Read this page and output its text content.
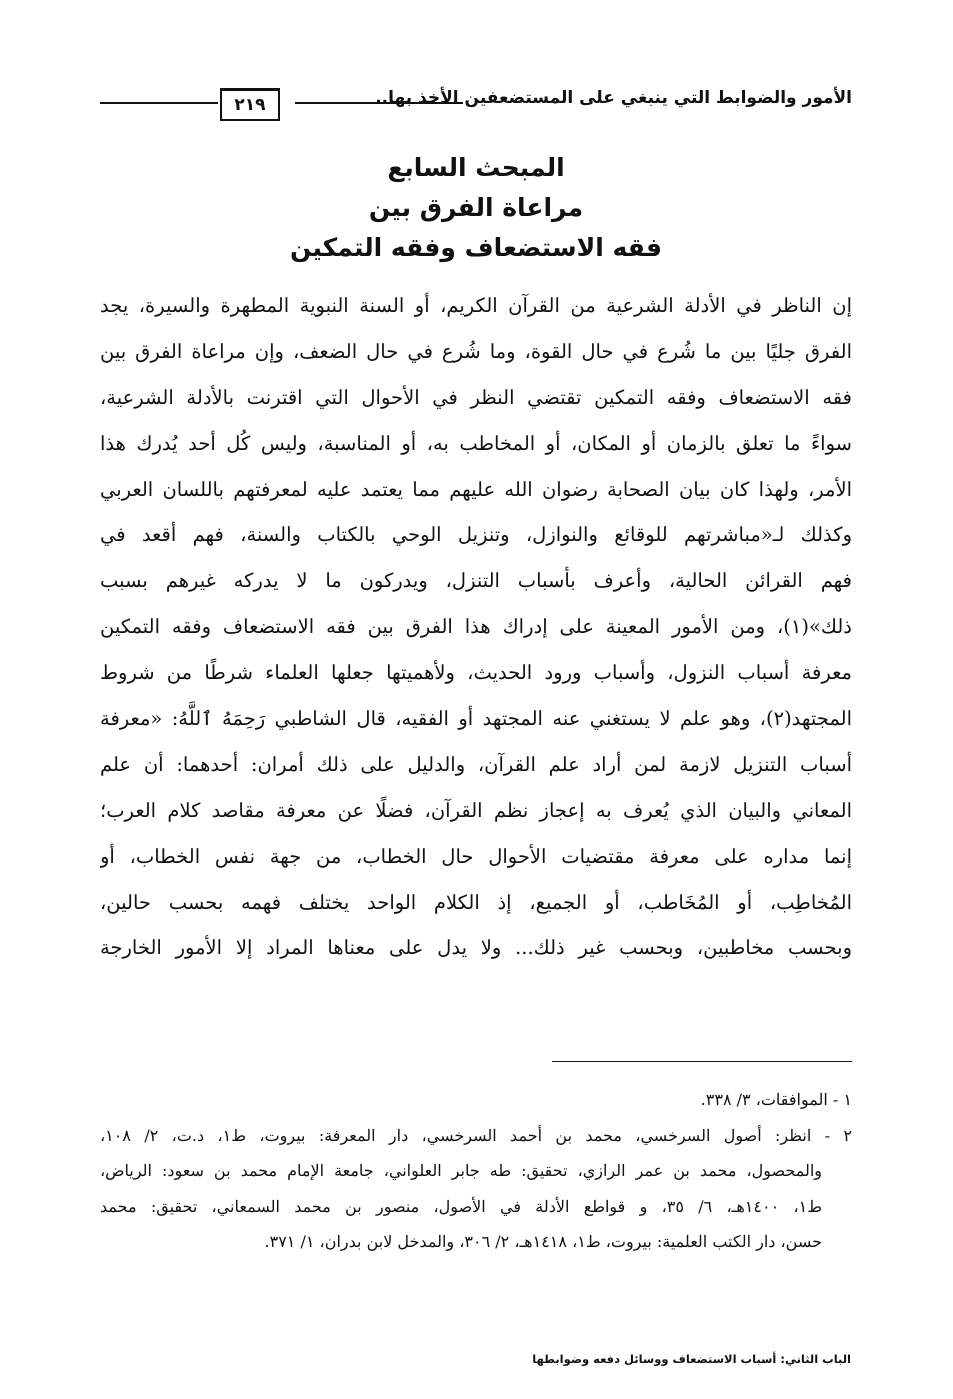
الأمور والضوابط التي ينبغي على المستضعفين الأخذ بها..
٢١٩

المبحث السابع

مراعاة الفرق بين

فقه الاستضعاف وفقه التمكين

إن الناظر في الأدلة الشرعية من القرآن الكريم، أو السنة النبوية المطهرة والسيرة، يجد
الفرق جليًا بين ما شُرع في حال القوة، وما شُرع في حال الضعف، وإن مراعاة الفرق بين
فقه الاستضعاف وفقه التمكين تقتضي النظر في الأحوال التي اقترنت بالأدلة الشرعية،
سواءً ما تعلق بالزمان أو المكان، أو المخاطب به، أو المناسبة، وليس كُل أحد يُدرك هذا
الأمر، ولهذا كان بيان الصحابة رضوان الله عليهم مما يعتمد عليه لمعرفتهم باللسان العربي
وكذلك لـ«مباشرتهم للوقائع والنوازل، وتنزيل الوحي بالكتاب والسنة، فهم أقعد في
فهم القرائن الحالية، وأعرف بأسباب التنزل، ويدركون ما لا يدركه غيرهم بسبب
ذلك»(١)، ومن الأمور المعينة على إدراك هذا الفرق بين فقه الاستضعاف وفقه التمكين
معرفة أسباب النزول، وأسباب ورود الحديث، ولأهميتها جعلها العلماء شرطًا من شروط
المجتهد(٢)، وهو علم لا يستغني عنه المجتهد أو الفقيه، قال الشاطبي رَحِمَهُ ٱللَّهُ: «معرفة
أسباب التنزيل لازمة لمن أراد علم القرآن، والدليل على ذلك أمران: أحدهما: أن علم
المعاني والبيان الذي يُعرف به إعجاز نظم القرآن، فضلًا عن معرفة مقاصد كلام العرب؛
إنما مداره على معرفة مقتضيات الأحوال حال الخطاب، من جهة نفس الخطاب، أو
المُخاطِب، أو المُخَاطب، أو الجميع، إذ الكلام الواحد يختلف فهمه بحسب حالين،
وبحسب مخاطبين، وبحسب غير ذلك... ولا يدل على معناها المراد إلا الأمور الخارجة
١ - الموافقات، ٣/ ٣٣٨.
٢ - انظر: أصول السرخسي، محمد بن أحمد السرخسي، دار المعرفة: بيروت، ط١، د.ت، ٢/ ١٠٨،
والمحصول، محمد بن عمر الرازي، تحقيق: طه جابر العلواني، جامعة الإمام محمد بن سعود: الرياض،
ط١، ١٤٠٠هـ، ٦/ ٣٥، و قواطع الأدلة في الأصول، منصور بن محمد السمعاني، تحقيق: محمد
حسن، دار الكتب العلمية: بيروت، ط١، ١٤١٨هـ، ٢/ ٣٠٦، والمدخل لابن بدران، ١/ ٣٧١.
الباب الثاني: أسباب الاستضعاف ووسائل دفعه وضوابطها
